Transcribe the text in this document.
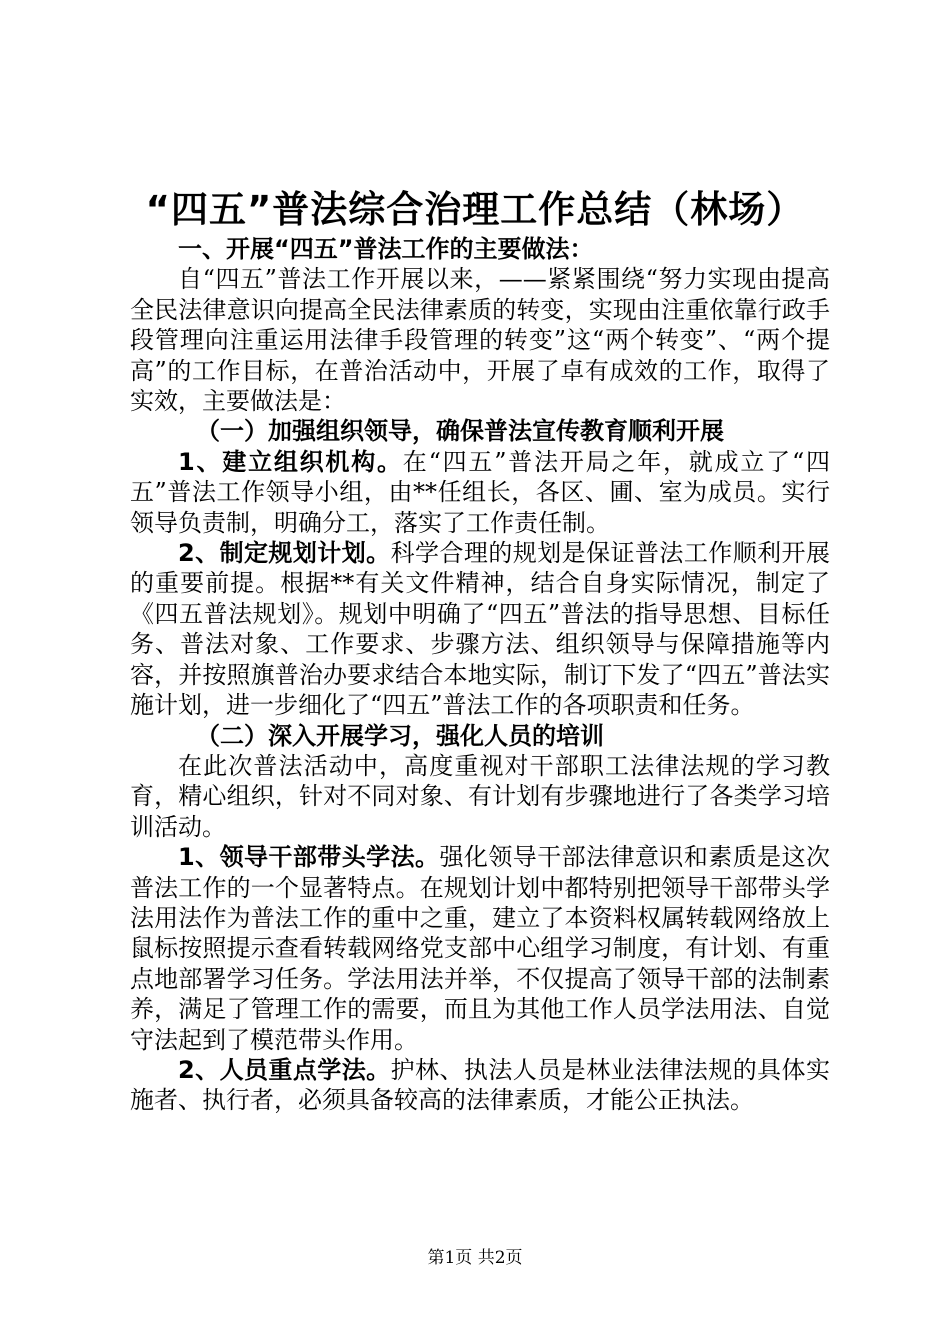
“四五”普法综合治理工作总结（林场）

一、开展“四五”普法工作的主要做法：

自“四五”普法工作开展以来，——紧紧围绕“努力实现由提高全民法律意识向提高全民法律素质的转变，实现由注重依靠行政手段管理向注重运用法律手段管理的转变”这“两个转变”、“两个提高”的工作目标，在普治活动中，开展了卓有成效的工作，取得了实效，主要做法是：

（一）加强组织领导，确保普法宣传教育顺利开展

1、建立组织机构。在“四五”普法开局之年，就成立了“四五”普法工作领导小组，由**任组长，各区、圃、室为成员。实行领导负责制，明确分工，落实了工作责任制。

2、制定规划计划。科学合理的规划是保证普法工作顺利开展的重要前提。根据**有关文件精神，结合自身实际情况，制定了《四五普法规划》。规划中明确了“四五”普法的指导思想、目标任务、普法对象、工作要求、步骤方法、组织领导与保障措施等内容，并按照旗普治办要求结合本地实际，制订下发了“四五”普法实施计划，进一步细化了“四五”普法工作的各项职责和任务。

（二）深入开展学习，强化人员的培训

在此次普法活动中，高度重视对干部职工法律法规的学习教育，精心组织，针对不同对象、有计划有步骤地进行了各类学习培训活动。

1、领导干部带头学法。强化领导干部法律意识和素质是这次普法工作的一个显著特点。在规划计划中都特别把领导干部带头学法用法作为普法工作的重中之重，建立了本资料权属转载网络放上鼠标按照提示查看转载网络党支部中心组学习制度，有计划、有重点地部署学习任务。学法用法并举，不仅提高了领导干部的法制素养，满足了管理工作的需要，而且为其他工作人员学法用法、自觉守法起到了模范带头作用。

2、人员重点学法。护林、执法人员是林业法律法规的具体实施者、执行者，必须具备较高的法律素质，才能公正执法。

第1页 共2页
